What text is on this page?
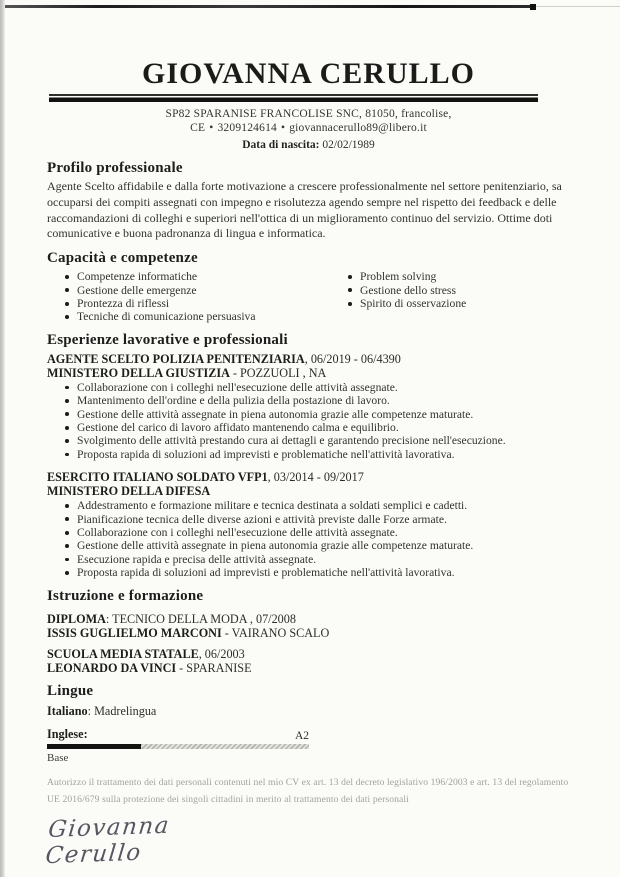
GIOVANNA CERULLO
SP82 SPARANISE FRANCOLISE SNC, 81050, francolise, CE • 3209124614 • giovannacerullo89@libero.it
Data di nascita: 02/02/1989
Profilo professionale

Agente Scelto affidabile e dalla forte motivazione a crescere professionalmente nel settore penitenziario, sa occuparsi dei compiti assegnati con impegno e risolutezza agendo sempre nel rispetto dei feedback e delle raccomandazioni di colleghi e superiori nell'ottica di un miglioramento continuo del servizio. Ottime doti comunicative e buona padronanza di lingua e informatica.

Capacità e competenze
Competenze informatiche
Gestione delle emergenze
Prontezza di riflessi
Tecniche di comunicazione persuasiva
Problem solving
Gestione dello stress
Spirito di osservazione
Esperienze lavorative e professionali
AGENTE SCELTO POLIZIA PENITENZIARIA, 06/2019 - 06/4390
MINISTERO DELLA GIUSTIZIA - POZZUOLI , NA
Collaborazione con i colleghi nell'esecuzione delle attività assegnate.
Mantenimento dell'ordine e della pulizia della postazione di lavoro.
Gestione delle attività assegnate in piena autonomia grazie alle competenze maturate.
Gestione del carico di lavoro affidato mantenendo calma e equilibrio.
Svolgimento delle attività prestando cura ai dettagli e garantendo precisione nell'esecuzione.
Proposta rapida di soluzioni ad imprevisti e problematiche nell'attività lavorativa.
ESERCITO ITALIANO SOLDATO VFP1, 03/2014 - 09/2017
MINISTERO DELLA DIFESA
Addestramento e formazione militare e tecnica destinata a soldati semplici e cadetti.
Pianificazione tecnica delle diverse azioni e attività previste dalle Forze armate.
Collaborazione con i colleghi nell'esecuzione delle attività assegnate.
Gestione delle attività assegnate in piena autonomia grazie alle competenze maturate.
Esecuzione rapida e precisa delle attività assegnate.
Proposta rapida di soluzioni ad imprevisti e problematiche nell'attività lavorativa.
Istruzione e formazione
DIPLOMA: TECNICO DELLA MODA , 07/2008
ISSIS GUGLIELMO MARCONI - VAIRANO SCALO
SCUOLA MEDIA STATALE, 06/2003
LEONARDO DA VINCI - SPARANISE
Lingue
Italiano: Madrelingua
Inglese:	A2
Base
Autorizzo il trattamento dei dati personali contenuti nel mio CV ex art. 13 del decreto legislativo 196/2003 e art. 13 del regolamento UE 2016/679 sulla protezione dei singoli cittadini in merito al trattamento dei dati personali
Giovanna Cerullo
